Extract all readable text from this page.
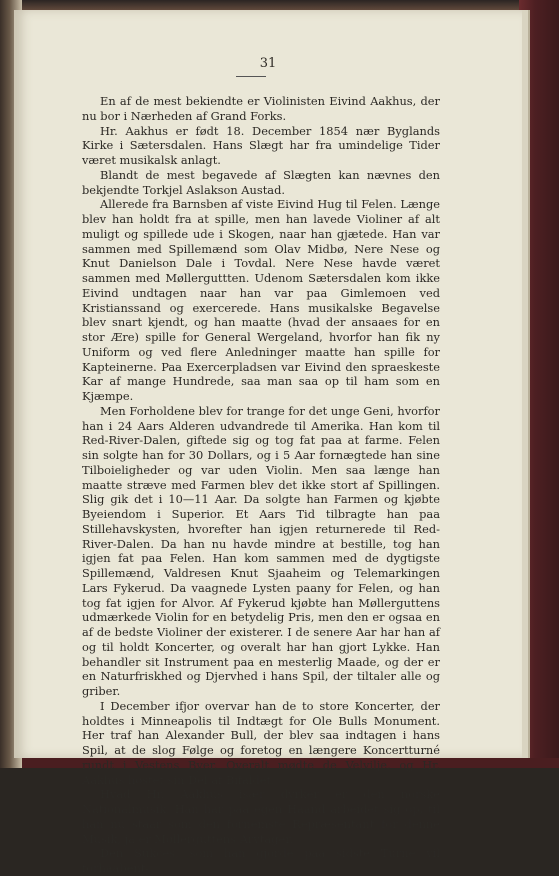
31

En af de mest bekiendte er Violinisten Eivind Aakhus, der nu bor i Nærheden af Grand Forks.

Hr. Aakhus er født 18. December 1854 nær Byglands Kirke i Sætersdalen. Hans Slægt har fra umindelige Tider været musikalsk anlagt.

Blandt de mest begavede af Slægten kan nævnes den bekjendte Torkjel Aslakson Austad.

Allerede fra Barnsben af viste Eivind Hug til Felen. Længe blev han holdt fra at spille, men han lavede Violiner af alt muligt og spillede ude i Skogen, naar han gjætede. Han var sammen med Spillemænd som Olav Midbø, Nere Nese og Knut Danielson Dale i Tovdal. Nere Nese havde været sammen med Møllerguttten. Udenom Sætersdalen kom ikke Eivind undtagen naar han var paa Gimlemoen ved Kristianssand og exercerede. Hans musikalske Begavelse blev snart kjendt, og han maatte (hvad der ansaaes for en stor Ære) spille for General Wergeland, hvorfor han fik ny Uniform og ved flere Anledninger maatte han spille for Kapteinerne. Paa Exercerpladsen var Eivind den spraeskeste Kar af mange Hundrede, saa man saa op til ham som en Kjæmpe.

Men Forholdene blev for trange for det unge Geni, hvorfor han i 24 Aars Alderen udvandrede til Amerika. Han kom til Red-River-Dalen, giftede sig og tog fat paa at farme. Felen sin solgte han for 30 Dollars, og i 5 Aar fornægtede han sine Tilboieligheder og var uden Violin. Men saa længe han maatte stræve med Farmen blev det ikke stort af Spillingen. Slig gik det i 10—11 Aar. Da solgte han Farmen og kjøbte Byeiendom i Superior. Et Aars Tid tilbragte han paa Stillehavskysten, hvorefter han igjen returnerede til Red-River-Dalen. Da han nu havde mindre at bestille, tog han igjen fat paa Felen. Han kom sammen med de dygtigste Spillemænd, Valdresen Knut Sjaaheim og Telemarkingen Lars Fykerud. Da vaagnede Lysten paany for Felen, og han tog fat igjen for Alvor. Af Fykerud kjøbte han Møllerguttens udmærkede Violin for en betydelig Pris, men den er ogsaa en af de bedste Violiner der existerer. I de senere Aar har han af og til holdt Koncerter, og overalt har han gjort Lykke. Han behandler sit Instrument paa en mesterlig Maade, og der er en Naturfriskhed og Djervhed i hans Spil, der tiltaler alle og griber.

I December ifjor overvar han de to store Koncerter, der holdtes i Minneapolis til Indtægt for Ole Bulls Monument. Her traf han Alexander Bull, der blev saa indtagen i hans Spil, at de slog Følge og foretog en længere Koncertturné rundt i Vestens Byer. Overalt mødte de Velvilje, og Hr. Aakhus høstet sin Del af Bifaldet.

Hvad Hr. Aakhus især dyrker er den norske Nationalmusik. Han har paa egen Haand arbeidet sig op, til han nu staar som den fornemste Repræsentant for denne Musik, ja er Møllerguttens Arvtager.

Den Sukces, som han gjorde paa sidste Turné vil forhaabent-
